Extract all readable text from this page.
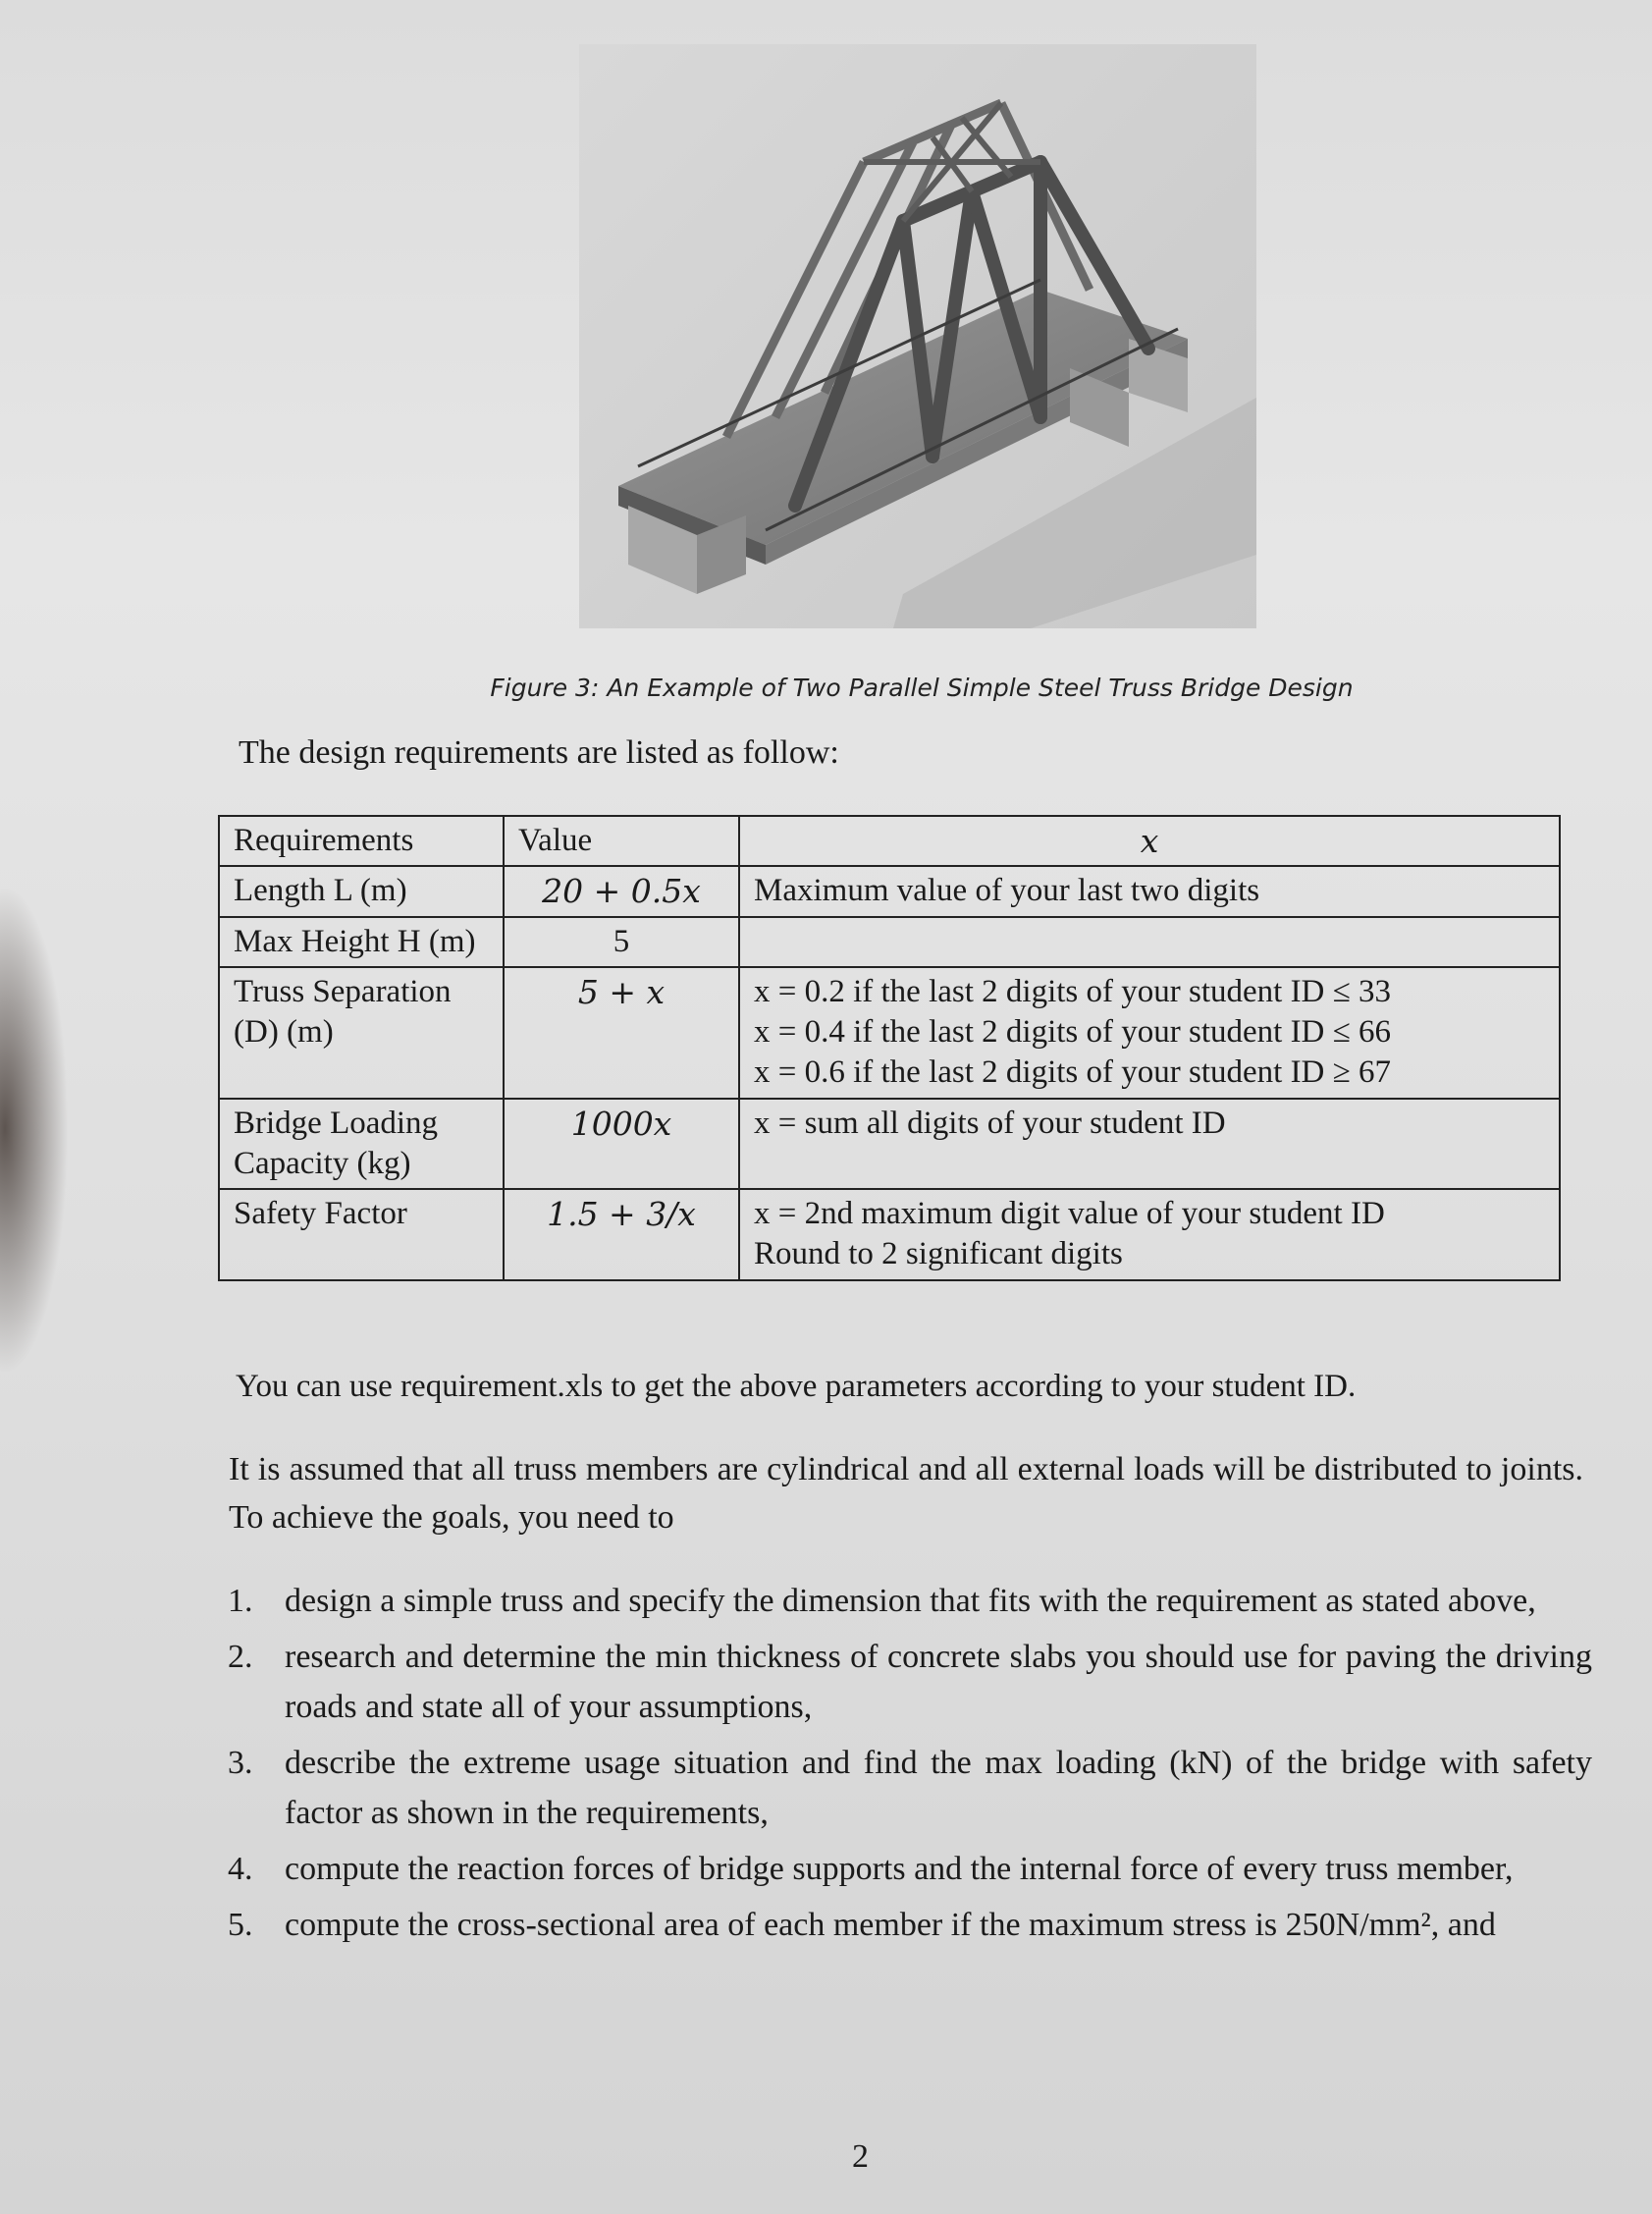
Figure 3: An Example of Two Parallel Simple Steel Truss Bridge Design
The design requirements are listed as follow:
Requirements	Value	x
Length L (m)	20 + 0.5x	Maximum value of your last two digits

Max Height H (m)	5	
Truss Separation (D) (m)	5 + x	x = 0.2 if the last 2 digits of your student ID ≤ 33
x = 0.4 if the last 2 digits of your student ID ≤ 66
x = 0.6 if the last 2 digits of your student ID ≥ 67

Bridge Loading Capacity (kg)	1000x	x = sum all digits of your student ID

Safety Factor	1.5 + 3/x	x = 2nd maximum digit value of your student ID
Round to 2 significant digits
You can use requirement.xls to get the above parameters according to your student ID.
It is assumed that all truss members are cylindrical and all external loads will be distributed to joints. To achieve the goals, you need to
1. design a simple truss and specify the dimension that fits with the requirement as stated above,
2. research and determine the min thickness of concrete slabs you should use for paving the driving roads and state all of your assumptions,
3. describe the extreme usage situation and find the max loading (kN) of the bridge with safety factor as shown in the requirements,
4. compute the reaction forces of bridge supports and the internal force of every truss member,
5. compute the cross-sectional area of each member if the maximum stress is 250N/mm², and
2
